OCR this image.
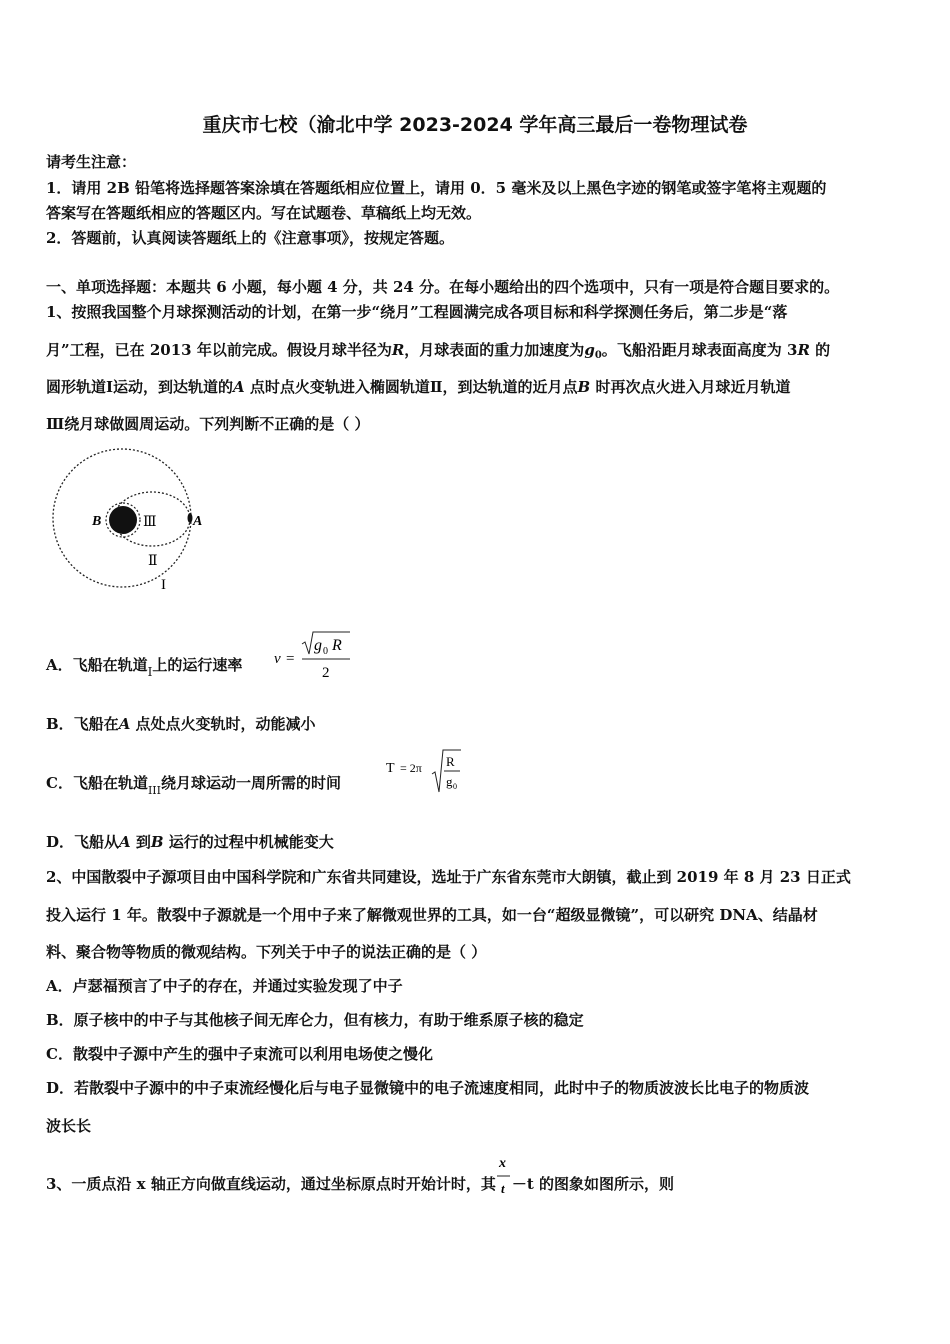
重庆市七校（渝北中学 2023-2024 学年高三最后一卷物理试卷
请考生注意：
1．请用 2B 铅笔将选择题答案涂填在答题纸相应位置上，请用 0．5 毫米及以上黑色字迹的钢笔或签字笔将主观题的
答案写在答题纸相应的答题区内。写在试题卷、草稿纸上均无效。
2．答题前，认真阅读答题纸上的《注意事项》，按规定答题。
一、单项选择题：本题共 6 小题，每小题 4 分，共 24 分。在每小题给出的四个选项中，只有一项是符合题目要求的。
1、按照我国整个月球探测活动的计划，在第一步“绕月”工程圆满完成各项目标和科学探测任务后，第二步是“落
月”工程，已在 2013 年以前完成。假设月球半径为R，月球表面的重力加速度为$g_0$。飞船沿距月球表面高度为 3R 的
圆形轨道Ⅰ运动，到达轨道的A 点时点火变轨进入椭圆轨道Ⅱ，到达轨道的近月点B 时再次点火进入月球近月轨道
Ⅲ绕月球做圆周运动。下列判断不正确的是（ ）
B	A
Ⅲ
Ⅱ
I
A．飞船在轨道$_I$上的运行速率 v =
g 0 R
2
B．飞船在A 点处点火变轨时，动能减小
C．飞船在轨道$_{III}$绕月球运动一周所需的时间
T = 2π R
g 0
D．飞船从A 到B 运行的过程中机械能变大
2、中国散裂中子源项目由中国科学院和广东省共同建设，选址于广东省东莞市大朗镇，截止到 2019 年 8 月 23 日正式
投入运行 1 年。散裂中子源就是一个用中子来了解微观世界的工具，如一台“超级显微镜”，可以研究 DNA、结晶材
料、聚合物等物质的微观结构。下列关于中子的说法正确的是（ ）
A．卢瑟福预言了中子的存在，并通过实验发现了中子
B．原子核中的中子与其他核子间无库仑力，但有核力，有助于维系原子核的稳定
C．散裂中子源中产生的强中子束流可以利用电场使之慢化
D．若散裂中子源中的中子束流经慢化后与电子显微镜中的电子流速度相同，此时中子的物质波波长比电子的物质波
波长长
3、一质点沿 x 轴正方向做直线运动，通过坐标原点时开始计时，其
x
t －t 的图象如图所示，则
